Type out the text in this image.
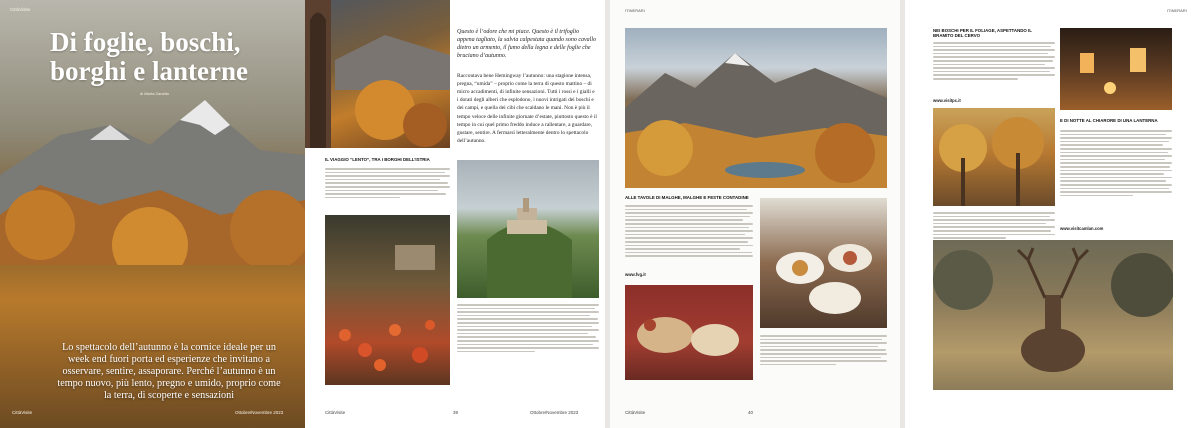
CittàVisite
Di foglie, boschi, borghi e lanterne
di Marta Zanella
Lo spettacolo dell’autunno è la cornice ideale per un week end fuori porta ed esperienze che invitano a osservare, sentire, assaporare. Perché l’autunno è un tempo nuovo, più lento, pregno e umido, proprio come la terra, di scoperte e sensazioni
CittàVisite	Ottobre/Novembre 2023
Questo è l’odore che mi piace. Questo è il trifoglio appena tagliato, la salvia calpestata quando sono cavallo dietro un armento, il fumo della legna e delle foglie che bruciano d’autunno.
Raccontava bene Hemingway l’autunno: una stagione intensa, pregna, “umida” – proprio come la terra di questo mattino – di micro accadimenti, di infinite sensazioni. Tutti i rossi e i gialli e i dorati degli alberi che esplodono, i nuovi intrigati dei boschi e dei campi, e quella dei cibi che scaldano le mani. Non è più il tempo veloce delle infinite giornate d’estate, piuttosto questo è il tempo in cui quel primo freddo induce a rallentare, a guardare, gustare, sentire. A fermarsi letteralmente dentro lo spettacolo dell’autunno.
IL VIAGGIO “LENTO”, TRA I BORGHI DELL’ISTRIA
CittàVisite	39	Ottobre/Novembre 2023
ITINERARI
ALLE TAVOLE DI MALGHE, MALGHE E FESTE CONTADINE
www.fvg.it
CittàVisite	40
ITINERARI
NEI BOSCHI PER IL FOLIAGE, ASPETTANDO IL BRAMITO DEL CERVO
www.visitpc.it
E DI NOTTE AL CHIARORE DI UNA LANTERNA
www.visitcamlan.com
